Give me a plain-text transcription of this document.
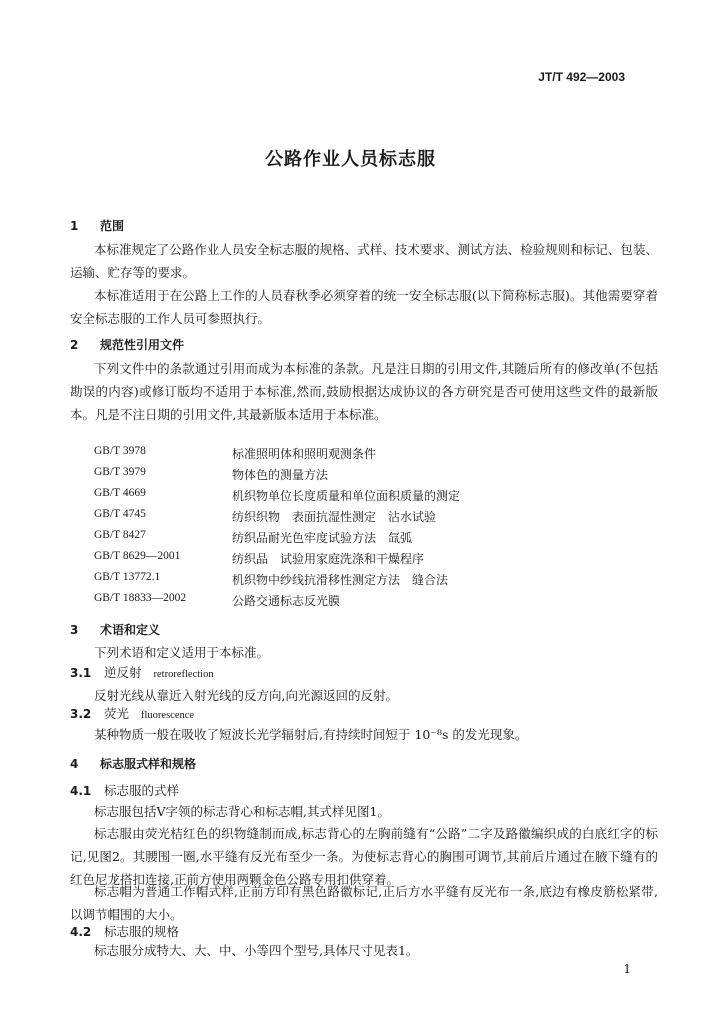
JT/T 492—2003
公路作业人员标志服
1 范围
本标准规定了公路作业人员安全标志服的规格、式样、技术要求、测试方法、检验规则和标记、包装、运输、贮存等的要求。
本标准适用于在公路上工作的人员春秋季必须穿着的统一安全标志服(以下简称标志服)。其他需要穿着安全标志服的工作人员可参照执行。
2 规范性引用文件
下列文件中的条款通过引用而成为本标准的条款。凡是注日期的引用文件,其随后所有的修改单(不包括勘误的内容)或修订版均不适用于本标准,然而,鼓励根据达成协议的各方研究是否可使用这些文件的最新版本。凡是不注日期的引用文件,其最新版本适用于本标准。
GB/T 3978	标准照明体和照明观测条件
GB/T 3979	物体色的测量方法
GB/T 4669	机织物单位长度质量和单位面积质量的测定
GB/T 4745	纺织织物　表面抗湿性测定　沾水试验
GB/T 8427	纺织品耐光色牢度试验方法　氙弧
GB/T 8629—2001	纺织品　试验用家庭洗涤和干燥程序
GB/T 13772.1	机织物中纱线抗滑移性测定方法　缝合法
GB/T 18833—2002	公路交通标志反光膜
3 术语和定义
下列术语和定义适用于本标准。
3.1 逆反射 retroreflection
反射光线从靠近入射光线的反方向,向光源返回的反射。
3.2 荧光 fluorescence
某种物质一般在吸收了短波长光学辐射后,有持续时间短于 10⁻⁸s 的发光现象。
4 标志服式样和规格
4.1 标志服的式样
标志服包括V字领的标志背心和标志帽,其式样见图1。
标志服由荧光桔红色的织物缝制而成,标志背心的左胸前缝有“公路”二字及路徽编织成的白底红字的标记,见图2。其腰围一圈,水平缝有反光布至少一条。为使标志背心的胸围可调节,其前后片通过在腋下缝有的红色尼龙搭扣连接,正前方使用两颗金色公路专用扣供穿着。
标志帽为普通工作帽式样,正前方印有黑色路徽标记,正后方水平缝有反光布一条,底边有橡皮筋松紧带,以调节帽围的大小。
4.2 标志服的规格
标志服分成特大、大、中、小等四个型号,具体尺寸见表1。
1
